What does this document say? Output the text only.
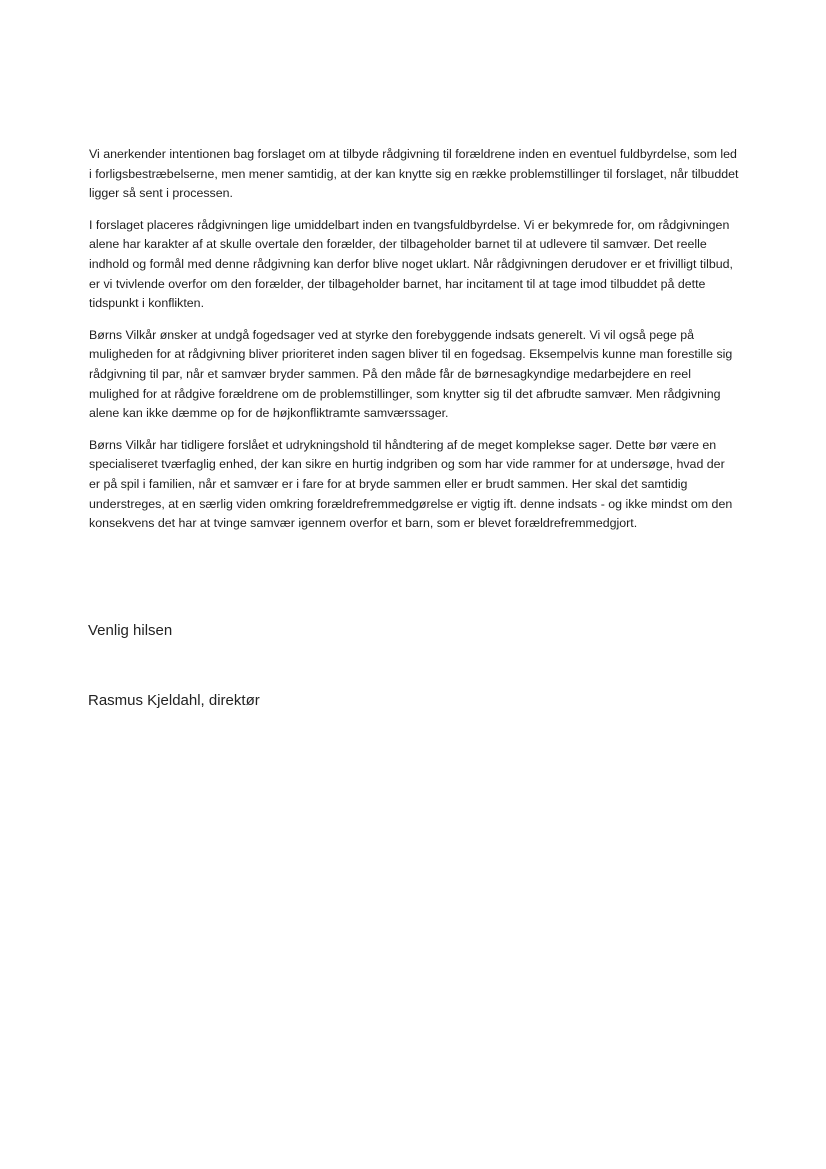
Vi anerkender intentionen bag forslaget om at tilbyde rådgivning til forældrene inden en eventuel fuldbyrdelse, som led i forligsbestræbelserne, men mener samtidig, at der kan knytte sig en række problemstillinger til forslaget, når tilbuddet ligger så sent i processen.

I forslaget placeres rådgivningen lige umiddelbart inden en tvangsfuldbyrdelse. Vi er bekymrede for, om rådgivningen alene har karakter af at skulle overtale den forælder, der tilbageholder barnet til at udlevere til samvær. Det reelle indhold og formål med denne rådgivning kan derfor blive noget uklart. Når rådgivningen derudover er et frivilligt tilbud, er vi tvivlende overfor om den forælder, der tilbageholder barnet, har incitament til at tage imod tilbuddet på dette tidspunkt i konflikten.

Børns Vilkår ønsker at undgå fogedsager ved at styrke den forebyggende indsats generelt. Vi vil også pege på muligheden for at rådgivning bliver prioriteret inden sagen bliver til en fogedsag. Eksempelvis kunne man forestille sig rådgivning til par, når et samvær bryder sammen. På den måde får de børnesagkyndige medarbejdere en reel mulighed for at rådgive forældrene om de problemstillinger, som knytter sig til det afbrudte samvær. Men rådgivning alene kan ikke dæmme op for de højkonfliktramte samværssager.

Børns Vilkår har tidligere forslået et udrykningshold til håndtering af de meget komplekse sager. Dette bør være en specialiseret tværfaglig enhed, der kan sikre en hurtig indgriben og som har vide rammer for at undersøge, hvad der er på spil i familien, når et samvær er i fare for at bryde sammen eller er brudt sammen. Her skal det samtidig understreges, at en særlig viden omkring forældrefremmedgørelse er vigtig ift. denne indsats - og ikke mindst om den konsekvens det har at tvinge samvær igennem overfor et barn, som er blevet forældrefremmedgjort.

Venlig hilsen

Rasmus Kjeldahl, direktør
